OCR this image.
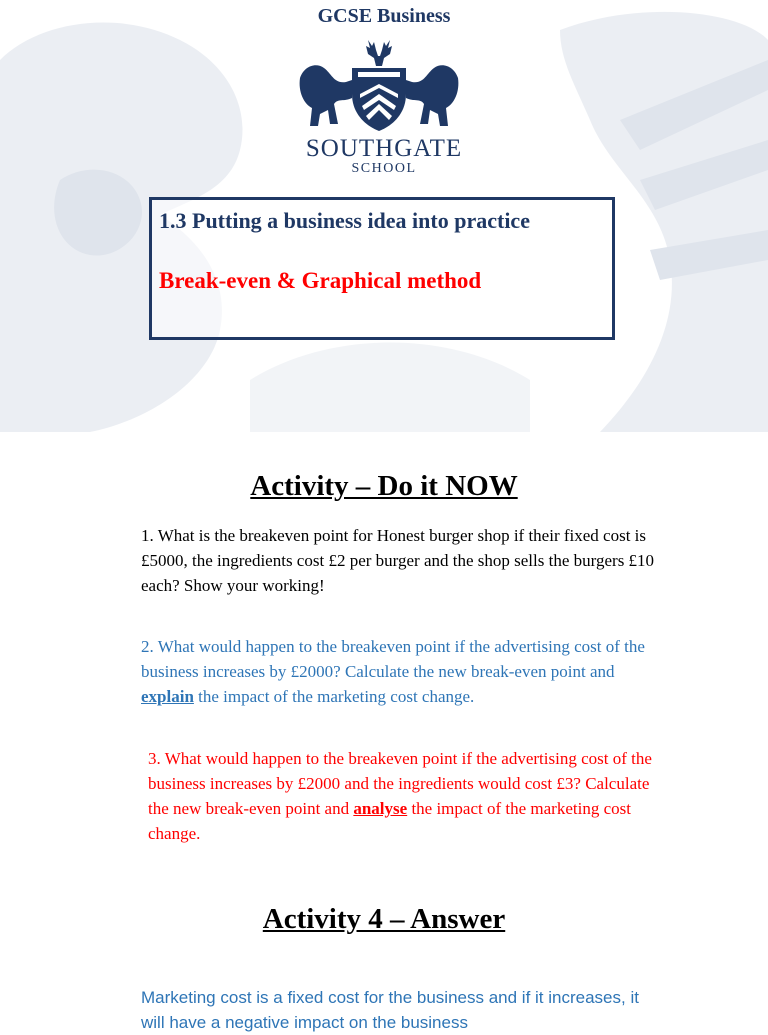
GCSE Business
SOUTHGATE
SCHOOL
1.3 Putting a business idea into practice
Break-even & Graphical method
Activity – Do it NOW
1. What is the breakeven point for Honest burger shop if their fixed cost is £5000, the ingredients cost £2 per burger and the shop sells the burgers £10 each? Show your working!
2. What would happen to the breakeven point if the advertising cost of the business increases by £2000? Calculate the new break-even point and explain the impact of the marketing cost change.
3. What would happen to the breakeven point if the advertising cost of the business increases by £2000 and the ingredients would cost £3? Calculate the new break-even point and analyse the impact of the marketing cost change.
Activity 4 – Answer
Marketing cost is a fixed cost for the business and if it increases, it will have a negative impact on the business
